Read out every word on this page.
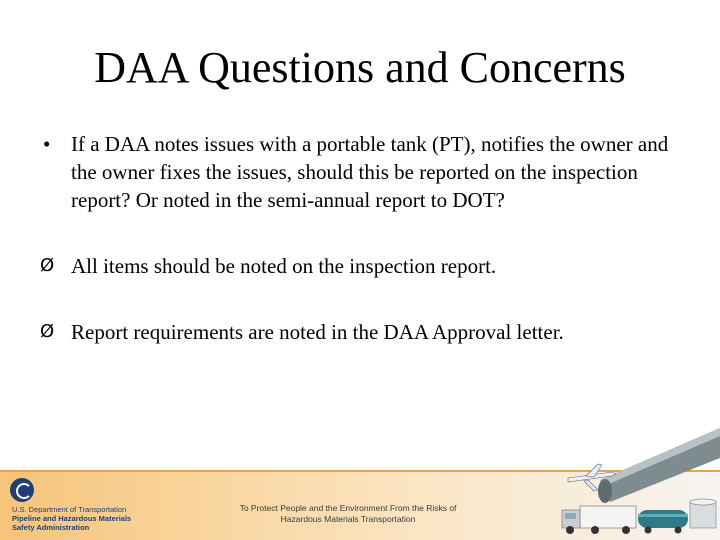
DAA Questions and Concerns
• If a DAA notes issues with a portable tank (PT), notifies the owner and the owner fixes the issues, should this be reported on the inspection report? Or noted in the semi-annual report to DOT?
Ø All items should be noted on the inspection report.
Ø Report requirements are noted in the DAA Approval letter.
U.S. Department of Transportation
Pipeline and Hazardous Materials
Safety Administration
To Protect People and the Environment From the Risks of
Hazardous Materials Transportation
